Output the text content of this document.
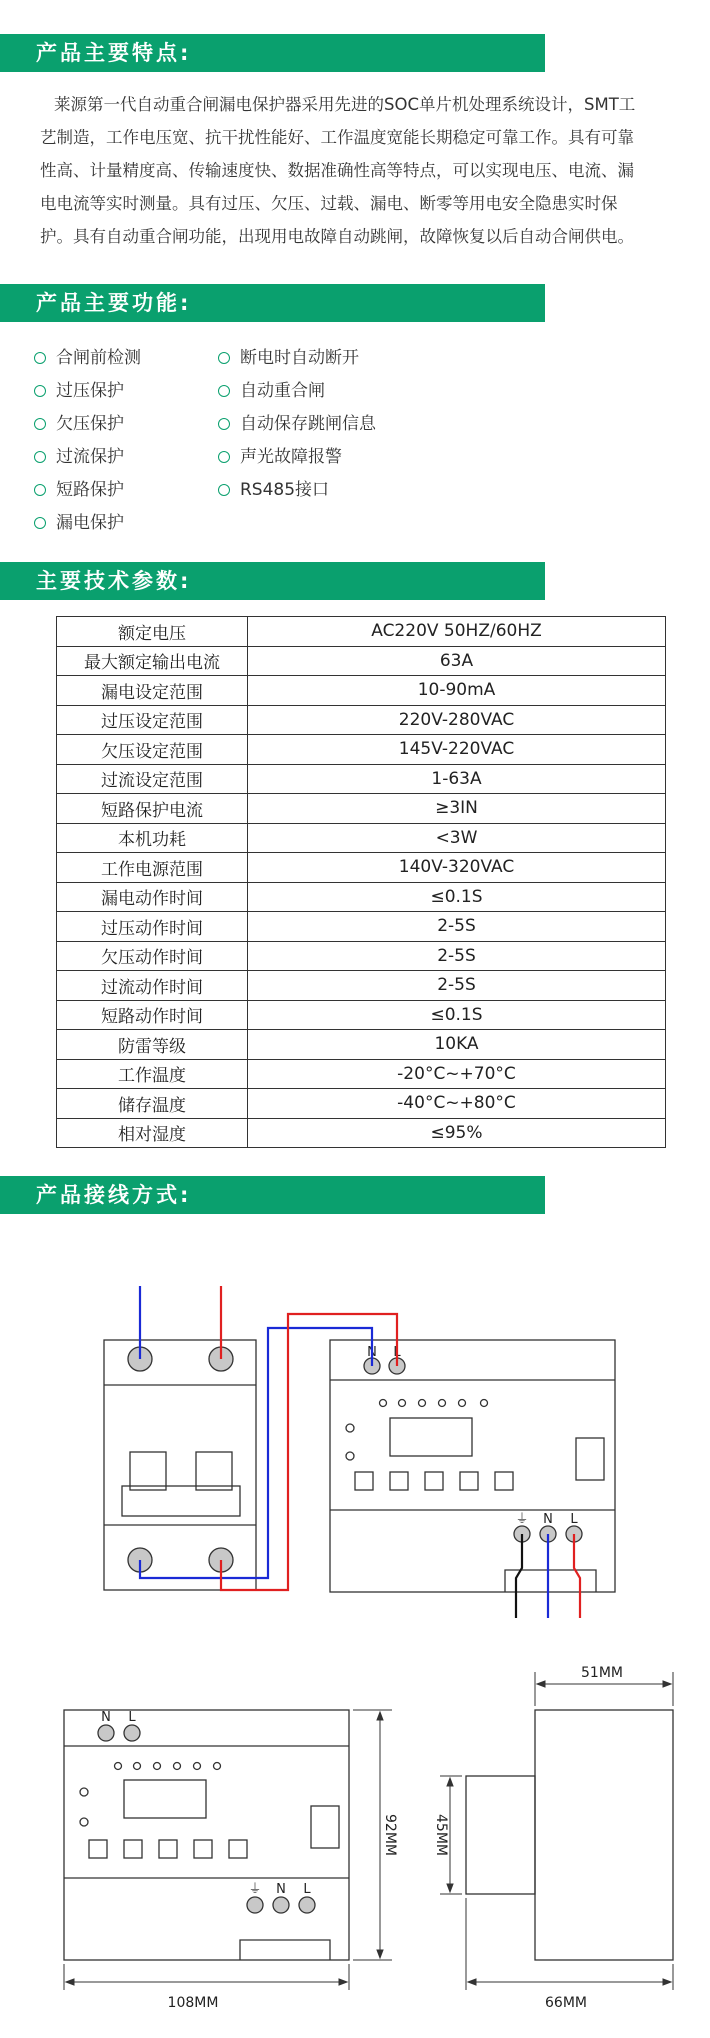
产品主要特点:

莱源第一代自动重合闸漏电保护器采用先进的SOC单片机处理系统设计，SMT工艺制造，工作电压宽、抗干扰性能好、工作温度宽能长期稳定可靠工作。具有可靠性高、计量精度高、传输速度快、数据准确性高等特点，可以实现电压、电流、漏电电流等实时测量。具有过压、欠压、过载、漏电、断零等用电安全隐患实时保护。具有自动重合闸功能，出现用电故障自动跳闸，故障恢复以后自动合闸供电。

产品主要功能:
合闸前检测
过压保护
欠压保护
过流保护
短路保护
漏电保护
断电时自动断开
自动重合闸
自动保存跳闸信息
声光故障报警
RS485接口
主要技术参数:
额定电压	AC220V 50HZ/60HZ
最大额定输出电流	63A
漏电设定范围	10-90mA
过压设定范围	220V-280VAC
欠压设定范围	145V-220VAC
过流设定范围	1-63A
短路保护电流	≥3IN
本机功耗	<3W
工作电源范围	140V-320VAC
漏电动作时间	≤0.1S
过压动作时间	2-5S
欠压动作时间	2-5S
过流动作时间	2-5S
短路动作时间	≤0.1S
防雷等级	10KA
工作温度	-20°C~+70°C
储存温度	-40°C~+80°C
相对湿度	≤95%
产品接线方式:
N L
⏚ N L
N L
⏚ N L
108MM
92MM
51MM
45MM
66MM
